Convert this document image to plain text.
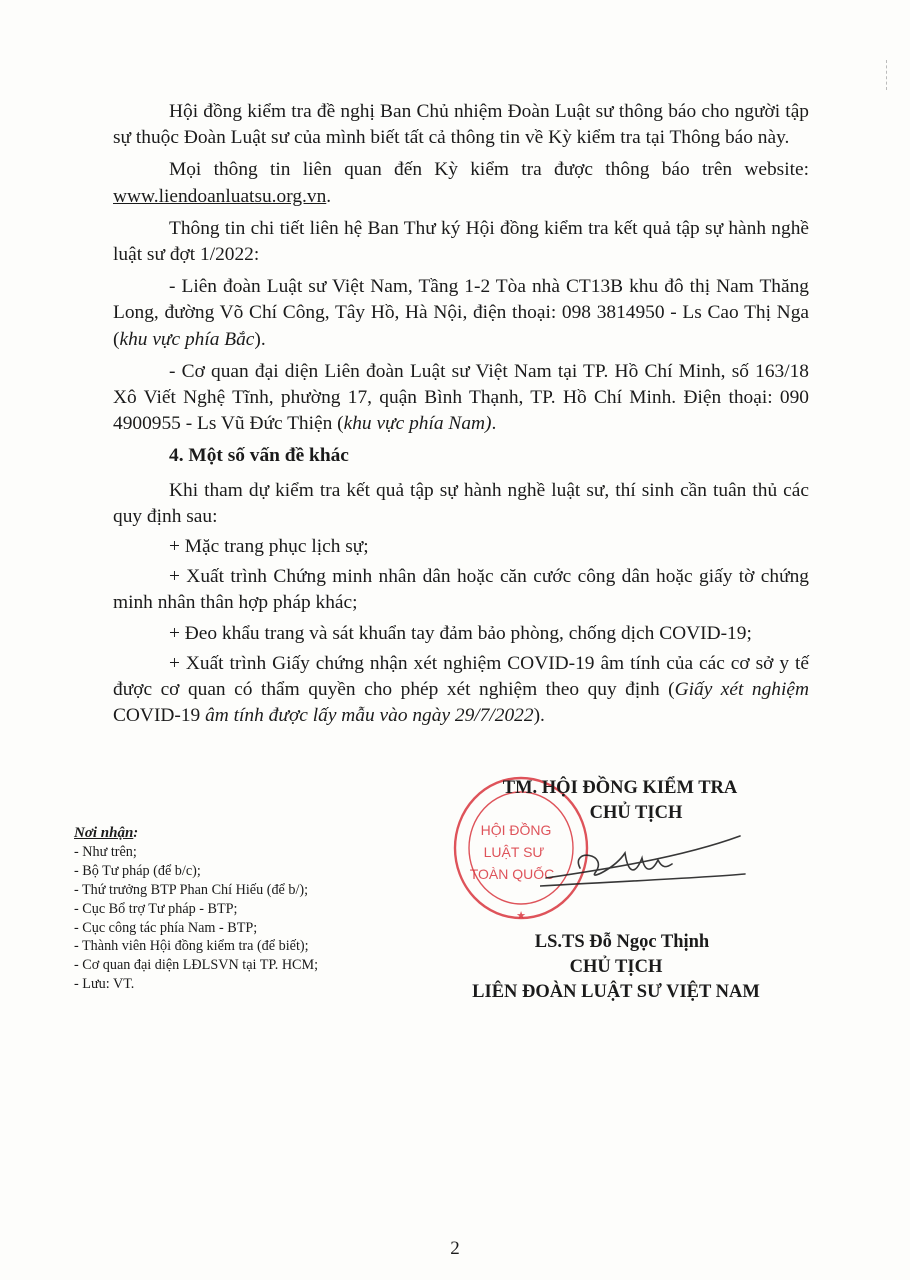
Hội đồng kiểm tra đề nghị Ban Chủ nhiệm Đoàn Luật sư thông báo cho người tập sự thuộc Đoàn Luật sư của mình biết tất cả thông tin về Kỳ kiểm tra tại Thông báo này.

Mọi thông tin liên quan đến Kỳ kiểm tra được thông báo trên website: www.liendoanluatsu.org.vn.

Thông tin chi tiết liên hệ Ban Thư ký Hội đồng kiểm tra kết quả tập sự hành nghề luật sư đợt 1/2022:

- Liên đoàn Luật sư Việt Nam, Tầng 1-2 Tòa nhà CT13B khu đô thị Nam Thăng Long, đường Võ Chí Công, Tây Hồ, Hà Nội, điện thoại: 098 3814950 - Ls Cao Thị Nga (khu vực phía Bắc).

- Cơ quan đại diện Liên đoàn Luật sư Việt Nam tại TP. Hồ Chí Minh, số 163/18 Xô Viết Nghệ Tĩnh, phường 17, quận Bình Thạnh, TP. Hồ Chí Minh. Điện thoại: 090 4900955 - Ls Vũ Đức Thiện (khu vực phía Nam).

4. Một số vấn đề khác

Khi tham dự kiểm tra kết quả tập sự hành nghề luật sư, thí sinh cần tuân thủ các quy định sau:

+ Mặc trang phục lịch sự;

+ Xuất trình Chứng minh nhân dân hoặc căn cước công dân hoặc giấy tờ chứng minh nhân thân hợp pháp khác;

+ Đeo khẩu trang và sát khuẩn tay đảm bảo phòng, chống dịch COVID-19;

+ Xuất trình Giấy chứng nhận xét nghiệm COVID-19 âm tính của các cơ sở y tế được cơ quan có thẩm quyền cho phép xét nghiệm theo quy định (Giấy xét nghiệm COVID-19 âm tính được lấy mẫu vào ngày 29/7/2022).

Nơi nhận:
- Như trên;
- Bộ Tư pháp (để b/c);
- Thứ trưởng BTP Phan Chí Hiếu (để b/);
- Cục Bổ trợ Tư pháp - BTP;
- Cục công tác phía Nam - BTP;
- Thành viên Hội đồng kiểm tra (để biết);
- Cơ quan đại diện LĐLSVN tại TP. HCM;
- Lưu: VT.
HỘI ĐỒNG
LUẬT SƯ
TOÀN QUỐC
★
TM. HỘI ĐỒNG KIỂM TRA
CHỦ TỊCH
LS.TS Đỗ Ngọc Thịnh
CHỦ TỊCH
LIÊN ĐOÀN LUẬT SƯ VIỆT NAM
2
